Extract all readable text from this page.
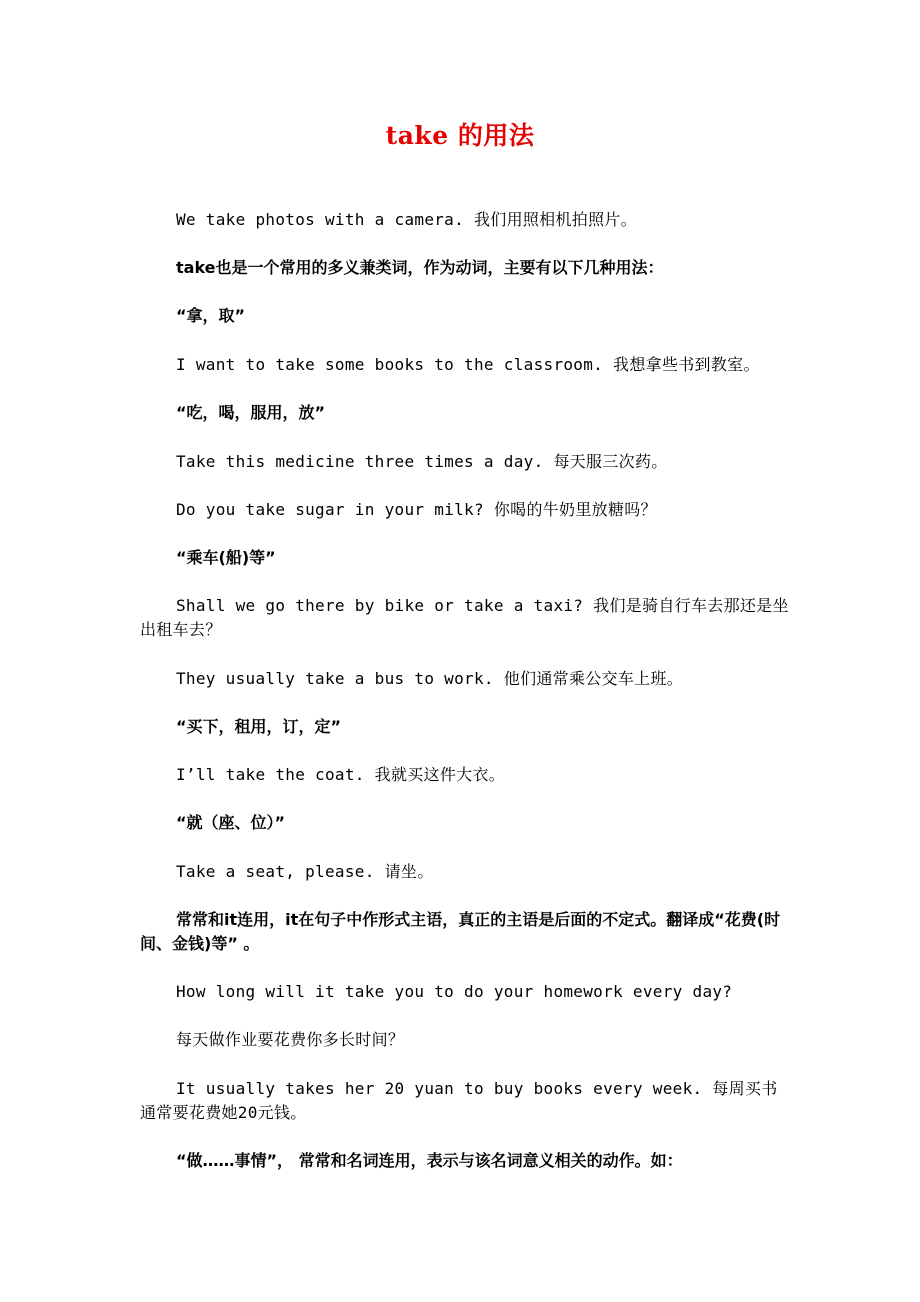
take 的用法
We take photos with a camera. 我们用照相机拍照片。
take也是一个常用的多义兼类词，作为动词，主要有以下几种用法：
“拿，取”
I want to take some books to the classroom. 我想拿些书到教室。
“吃，喝，服用，放”
Take this medicine three times a day. 每天服三次药。
Do you take sugar in your milk? 你喝的牛奶里放糖吗？
“乘车(船)等”
Shall we go there by bike or take a taxi? 我们是骑自行车去那还是坐出租车去？
They usually take a bus to work. 他们通常乘公交车上班。
“买下，租用，订，定”
I’ll take the coat. 我就买这件大衣。
“就（座、位）”
Take a seat, please. 请坐。
常常和it连用，it在句子中作形式主语，真正的主语是后面的不定式。翻译成“花费(时间、金钱)等” 。
How long will it take you to do your homework every day?
每天做作业要花费你多长时间？
It usually takes her 20 yuan to buy books every week. 每周买书通常要花费她20元钱。
“做……事情”， 常常和名词连用，表示与该名词意义相关的动作。如：
